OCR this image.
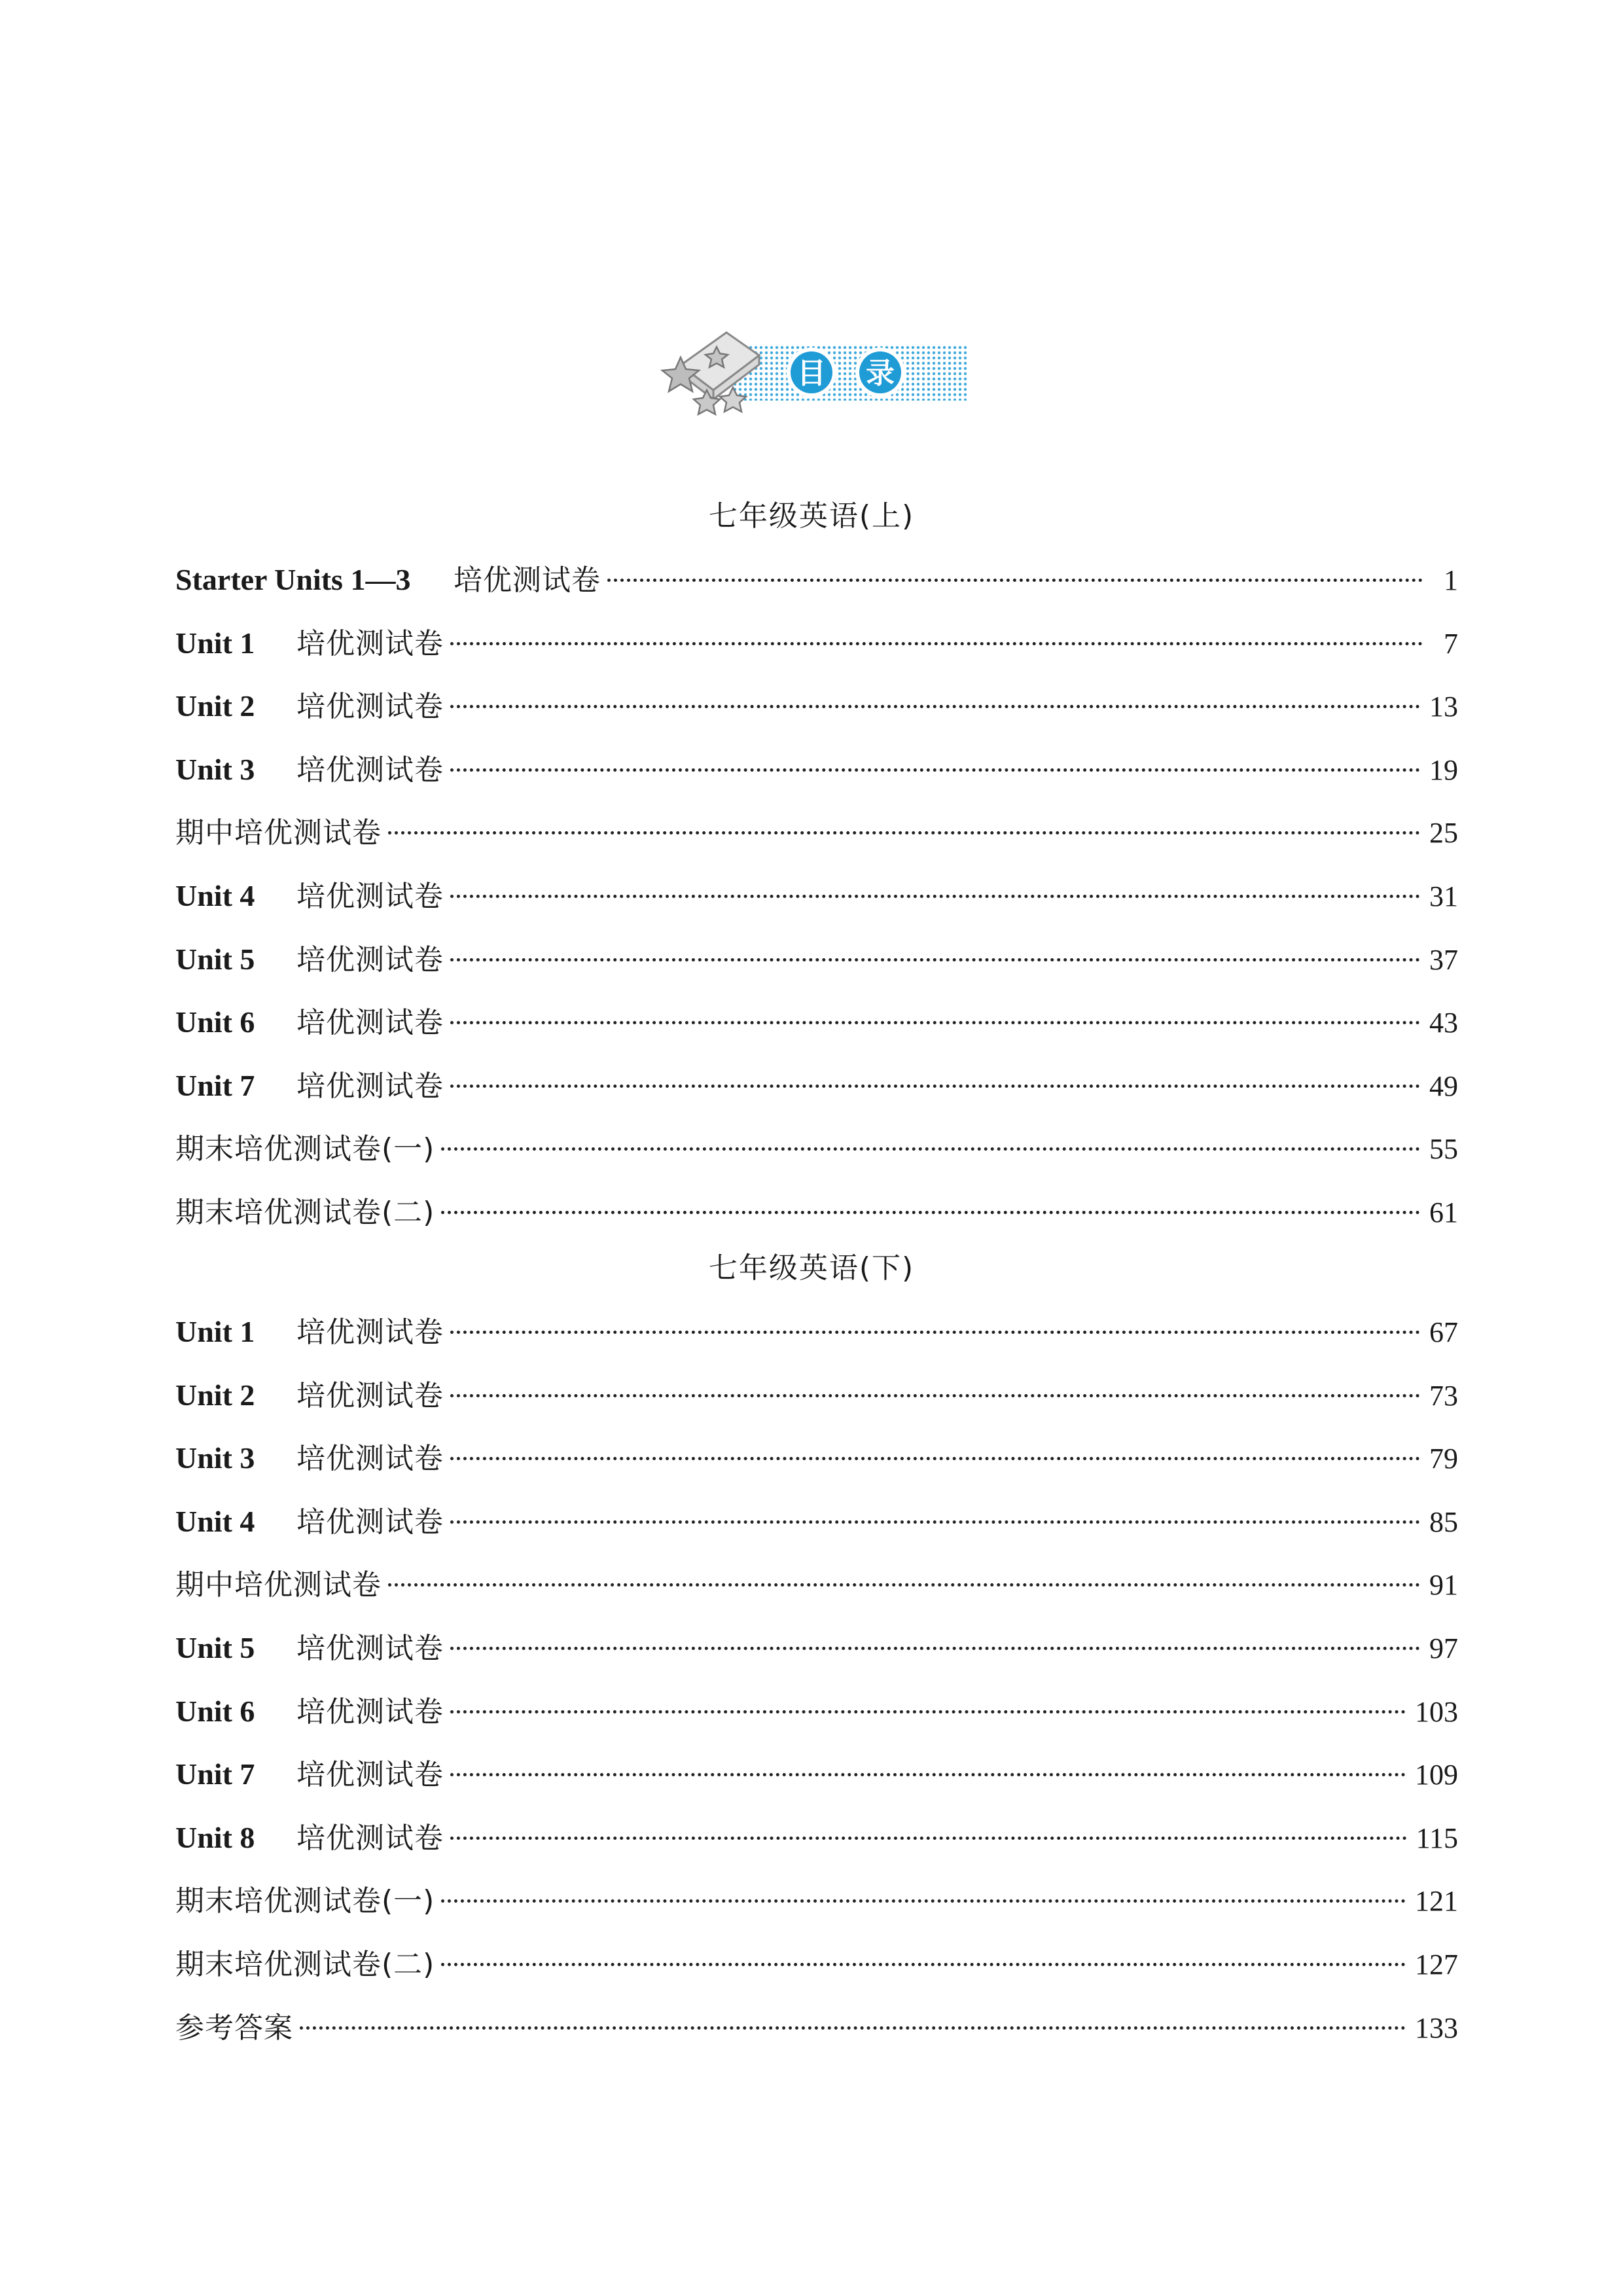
目 录
七年级英语(上)
Starter Units 1—3	培优测试卷	1
Unit 1	培优测试卷	7
Unit 2	培优测试卷	13
Unit 3	培优测试卷	19
期中培优测试卷	25
Unit 4	培优测试卷	31
Unit 5	培优测试卷	37
Unit 6	培优测试卷	43
Unit 7	培优测试卷	49
期末培优测试卷(一)	55
期末培优测试卷(二)	61
七年级英语(下)
Unit 1	培优测试卷	67
Unit 2	培优测试卷	73
Unit 3	培优测试卷	79
Unit 4	培优测试卷	85
期中培优测试卷	91
Unit 5	培优测试卷	97
Unit 6	培优测试卷	103
Unit 7	培优测试卷	109
Unit 8	培优测试卷	115
期末培优测试卷(一)	121
期末培优测试卷(二)	127
参考答案	133
